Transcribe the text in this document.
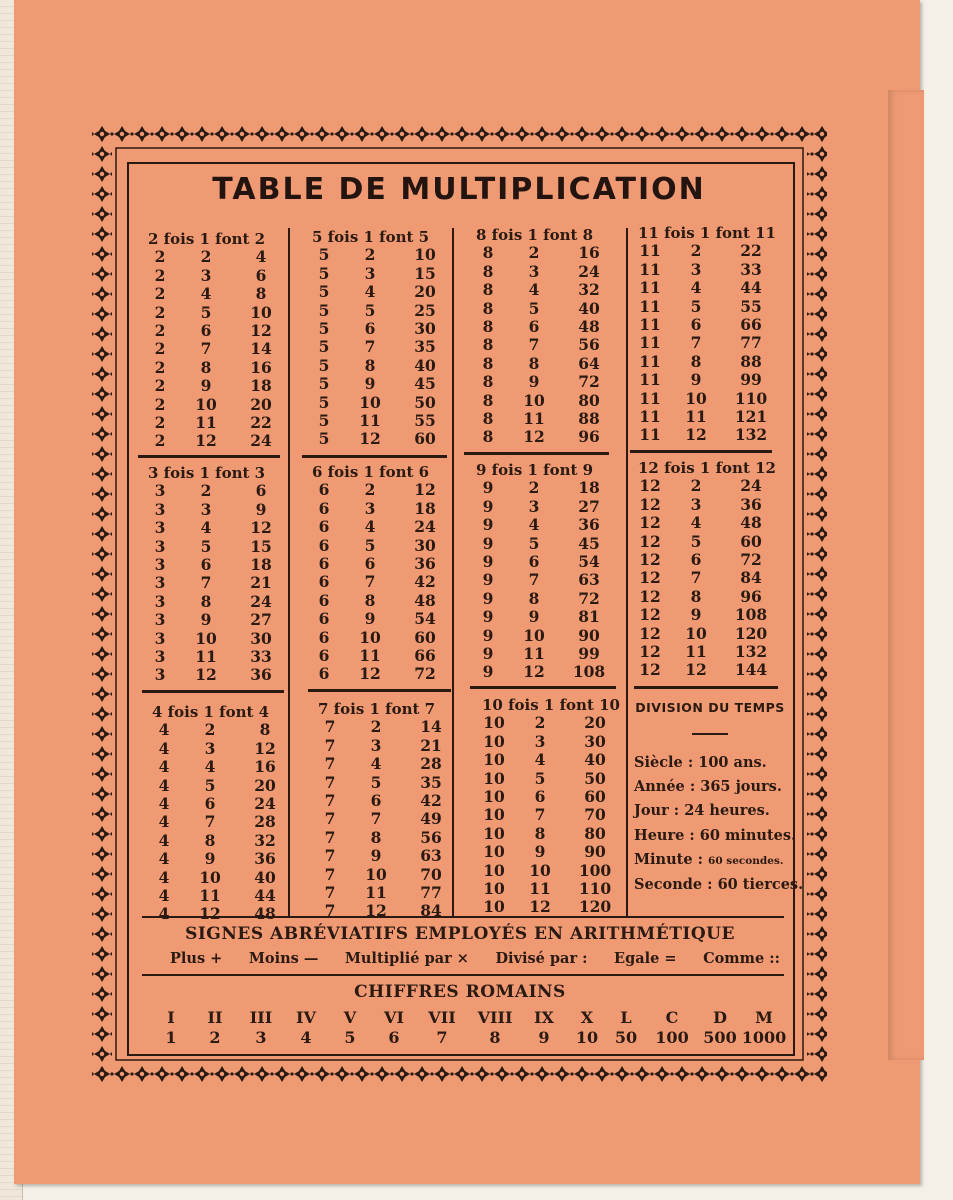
TABLE DE MULTIPLICATION
2 fois 1 font 2
2	2	4
2	3	6
2	4	8
2	5	10
2	6	12
2	7	14
2	8	16
2	9	18
2	10	20
2	11	22
2	12	24
5 fois 1 font 5
5	2	10
5	3	15
5	4	20
5	5	25
5	6	30
5	7	35
5	8	40
5	9	45
5	10	50
5	11	55
5	12	60
8 fois 1 font 8
8	2	16
8	3	24
8	4	32
8	5	40
8	6	48
8	7	56
8	8	64
8	9	72
8	10	80
8	11	88
8	12	96
11 fois 1 font 11
11	2	22
11	3	33
11	4	44
11	5	55
11	6	66
11	7	77
11	8	88
11	9	99
11	10	110
11	11	121
11	12	132
3 fois 1 font 3
3	2	6
3	3	9
3	4	12
3	5	15
3	6	18
3	7	21
3	8	24
3	9	27
3	10	30
3	11	33
3	12	36
6 fois 1 font 6
6	2	12
6	3	18
6	4	24
6	5	30
6	6	36
6	7	42
6	8	48
6	9	54
6	10	60
6	11	66
6	12	72
9 fois 1 font 9
9	2	18
9	3	27
9	4	36
9	5	45
9	6	54
9	7	63
9	8	72
9	9	81
9	10	90
9	11	99
9	12	108
12 fois 1 font 12
12	2	24
12	3	36
12	4	48
12	5	60
12	6	72
12	7	84
12	8	96
12	9	108
12	10	120
12	11	132
12	12	144
4 fois 1 font 4
4	2	8
4	3	12
4	4	16
4	5	20
4	6	24
4	7	28
4	8	32
4	9	36
4	10	40
4	11	44
4	12	48
7 fois 1 font 7
7	2	14
7	3	21
7	4	28
7	5	35
7	6	42
7	7	49
7	8	56
7	9	63
7	10	70
7	11	77
7	12	84
10 fois 1 font 10
10	2	20
10	3	30
10	4	40
10	5	50
10	6	60
10	7	70
10	8	80
10	9	90
10	10	100
10	11	110
10	12	120
DIVISION DU TEMPS
Siècle : 100 ans.
Année : 365 jours.
Jour : 24 heures.
Heure : 60 minutes.
Minute : 60 secondes.
Seconde : 60 tierces.
SIGNES ABRÉVIATIFS EMPLOYÉS EN ARITHMÉTIQUE
Plus + Moins — Multiplié par × Divisé par : Egale = Comme ::
CHIFFRES ROMAINS
I	II	III	IV	V	VI	VII	VIII	IX	X	L	C	D	M
1	2	3	4	5	6	7	8	9	10	50	100 500 1000
